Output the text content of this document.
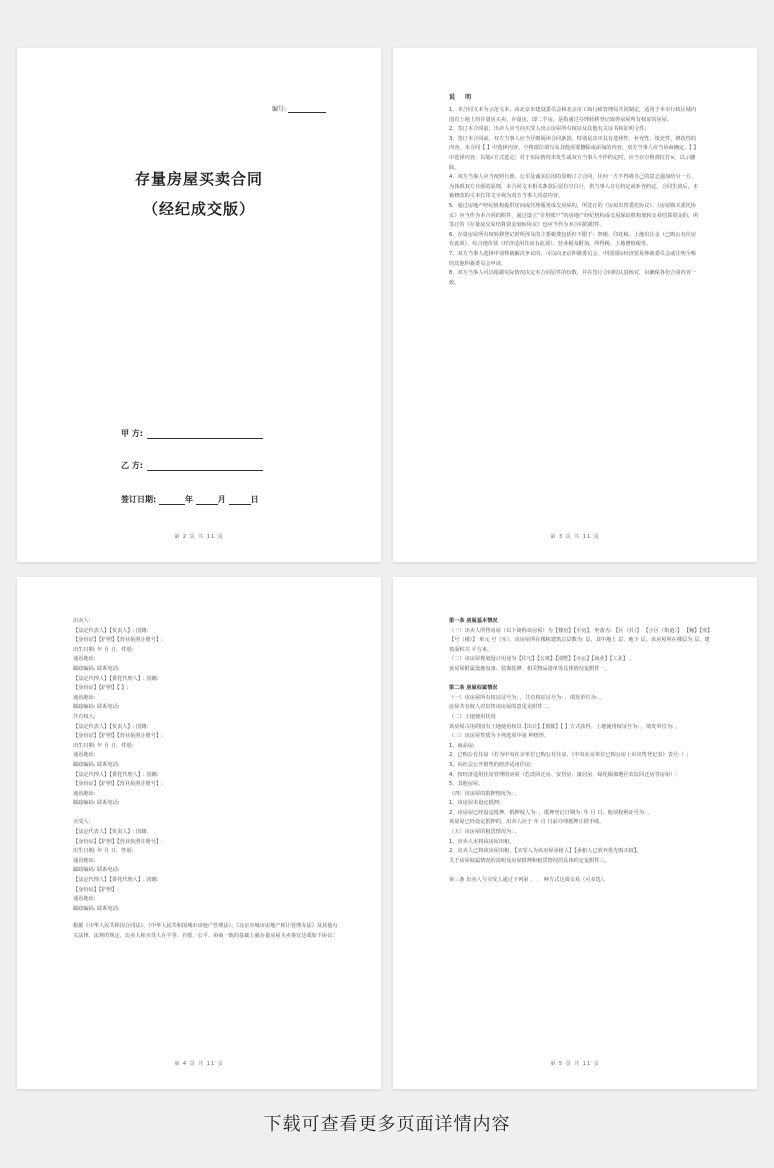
编号:
存量房屋买卖合同
（经纪成交版）
甲 方:
乙 方:
签订日期:	年	月	日
第 2 页 共 11 页
说 明

1、本合同文本为示范文本，由北京市建设委员会和北京市工商行政管理局共同制定，适用于本市行政区域内国有土地上的存量房买卖，存量房，即二手房，是指通过办理转移登记取得房屋所有权证的房屋。

2、签订本合同前，出卖人应当向买受人出示房屋所有权证及其他有关证书和证明文件。

3、签订本合同前，双方当事人应当仔细阅读合同条款，特别是其中具有选择性、补充性、填充性、修改性的内容。本合同【 】中选择内容、空格部位填写及其他需要删除或添加的内容，双方当事人应当协商确定。【 】中选择内容，以划√方式选定；对于实际情况未发生或双方当事人不作约定时，应当在空格部位打×，以示删除。

4、双方当事人应当按照自愿、公平及诚实信用的原则订立合同，任何一方不得将自己的意志强加给另一方。为体现双方自愿的原则，本合同文本相关条款后留有空白行，供当事人自行约定或补充约定。合同生效后，未被修改的文本打印文字视为双方当事人同意内容。

5、通过房地产经纪机构提供居间或代理服务成交房屋的，所签订的《房屋出售委托协议》、《房屋购买委托协议》应当作为本合同的附件，通过设立“专用账户”的房地产经纪机构或交易保证机构划转交易结算资金的，所签订的《存量房交易结算资金划转协议》也应当作为本合同的附件。

6、存量房屋所有权转移登记时所涉及的主要税费包括但不限于：契税、印花税、土地出让金（已购公有住房有此项）、综合地价款（经济适用住房有此项）、营业税及附加、所得税、土地增值税等。

7、双方当事人选择申请仲裁解决争议的，可以向北京仲裁委员会、中国国际经济贸易仲裁委员会或注明全称的其他仲裁委员会申请。

8、双方当事人可以根据实际情况决定本合同原件的份数，并在签订合同时认真核对，以确保各份合同内容一致。

第 3 页 共 11 页

出卖人:

【法定代表人】【负责人】: 国籍:

【身份证】【护照】【营业执照注册号】:

出生日期: 年 月 日，性别:

通讯地址:

邮政编码: 联系电话:

【法定代理人】【委托代理人】: 国籍:

【身份证】【护照】【 】:

通讯地址:

邮政编码: 联系电话:

共有权人:

【法定代表人】【负责人】: 国籍:

【身份证】【护照】【营业执照注册号】:

出生日期: 年 月 日，性别:

通讯地址:

邮政编码: 联系电话:

【法定代理人】【委托代理人】: 国籍:

【身份证】【护照】【营业执照注册号】:

通讯地址:

邮政编码: 联系电话:

买受人:

【法定代表人】【负责人】: 国籍:

【身份证】【护照】【营业执照注册号】:

出生日期: 年 月 日，性别:

通讯地址:

邮政编码: 联系电话:

【法定代理人】【委托代理人】: 国籍:

【身份证】【护照】:

通讯地址:

邮政编码: 联系电话:

根据《中华人民共和国合同法》、《中华人民共和国城市房地产管理法》、《北京市城市房地产转让管理办法》及其他有关法律、法规的规定，出卖人和买受人在平等、自愿、公平、协商一致的基础上就存量房屋买卖事宜达成如下协议:

第 4 页 共 11 页

第一条 房屋基本情况

（一）出卖人所售房屋（以下简称该房屋）为【楼房】【平房】，坐落为: 【区（县）】 【小区（街道）】 【幢】【座】【号（楼）】 单元 号（室）。该房屋所在楼栋建筑总层数为: 层，其中地上 层，地下 层。该房屋所在楼层为 层，建筑面积共 平方米。

（二）该房屋规划设计用途为【住宅】【公寓】【别墅】【办公】【商业】【工业】 。

该房屋附属设施设备、装饰装修、相关物品清单等具体情况见附件一。

第二条 房屋权属情况

（一）该房屋所有权证证号为: ，共有权证证号为: ，填发单位为: 。

房屋共有权人对出售该房屋的意见见附件二。

（二）土地使用状况

该房屋占用的国有土地使用权以【出让】【划拨】【 】方式获得。土地使用权证号为: ，填发单位为: 。

（三）该房屋性质为下列选项中第 种情形。

1、商品房;

2、已购公有住房（若为中央在京单位已购公有住房，《中央在京单位已购公房上市出售登记表》表号: ）;

3、向社会公开销售的经济适用住房;

4、按经济适用住房管理的房屋（危改回迁房、安居房、康居房、绿化隔离地区农民回迁房等房屋）;

5、其他房屋。

（四）该房屋的抵押情况为: 。

1、该房屋未设定抵押;

2、该房屋已经设定抵押，抵押权人为: ，抵押登记日期为: 年 月 日，他项权利证号为: 。

该房屋已经设定抵押的，出卖人应于 年 月 日前办理抵押注销手续。

（五）该房屋的租赁情况为: 。

1、出卖人未将该房屋出租。

2、出卖人已将该房屋出租，【买受人为该房屋承租人】【承租人已放弃优先购买权】。

关于房屋权属情况的说明及房屋抵押和租赁情况的具体约定见附件三。

第三条 出卖人与买受人通过下列第 、 、 种方式达成交易（可多选）。

第 5 页 共 11 页
下载可查看更多页面详情内容
